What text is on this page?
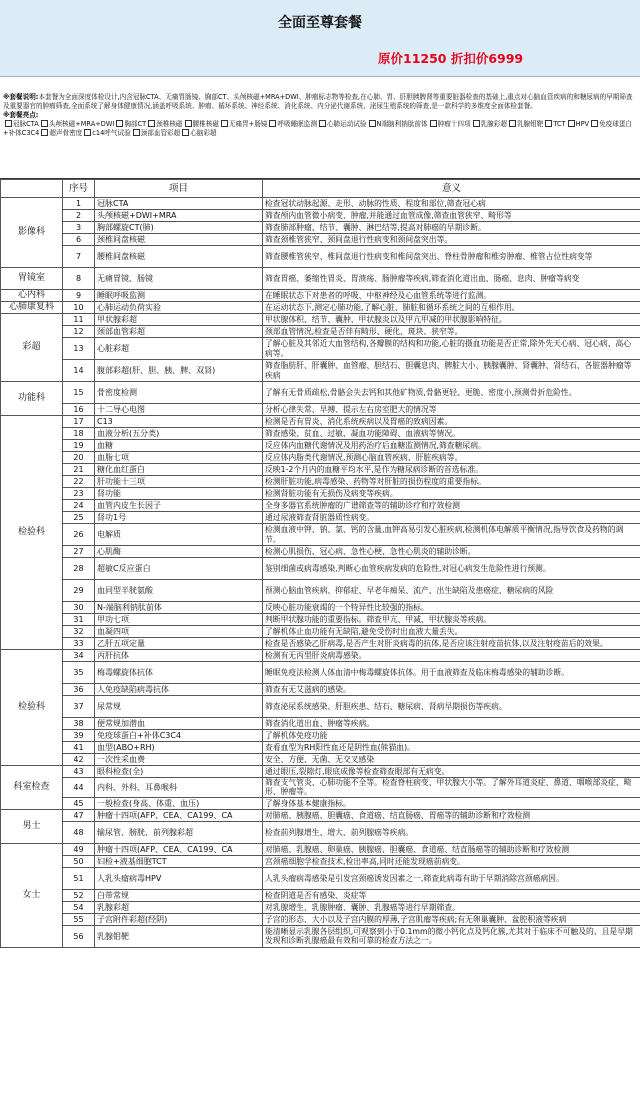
全面至尊套餐
原价11250 折扣价6999
※套餐说明:本套餐为全面深度体检设计,内含冠脉CTA、无痛胃肠镜、胸部CT、头颅核磁+MRA+DWI、肿瘤标志物等检查,在心肺、胃、肝胆胰脾肾等重要脏器检查的基础上,重点对心脑血管疾病的和糖尿病的早期筛查及重要器官的肿瘤筛查,全面系统了解身体健康情况,涵盖呼吸系统、肿瘤、循环系统、神经系统、消化系统、内分泌代谢系统、泌尿生殖系统的筛查,是一款科学的多维度全面体检套餐。
※套餐亮点:
冠脉CTA 头颅核磁+MRA+DWI 胸部CT 颈椎核磁 腰椎核磁 无痛胃+肠镜 呼吸睡眠监测 心肺运动试验 N端脑利钠肽前体 肿瘤十四项 乳腺彩超 乳腺钼靶 TCT HPV 免疫球蛋白+补体C3C4 超声骨密度 c14呼气试验 颈部血管彩超 心脑彩超
	序号	项目	意义
影像科	1	冠脉CTA	检查冠状动脉起源、走形、动脉的性质、程度和部位,筛查冠心病
	2	头颅核磁+DWI+MRA	筛查颅内血管微小病变、肿瘤,并能通过血管成像,筛查血管狭窄、畸形等
	3	胸部螺旋CT(肺)	筛查肺部肿瘤、结节、囊肿、淋巴结等,提高对肺癌的早期诊断。
	6	颈椎间盘核磁	筛查颈椎管狭窄、颈间盘退行性病变和颈间盘突出等。
	7	腰椎间盘核磁	筛查腰椎管狭窄、椎间盘退行性病变和椎间盘突出、脊柱骨肿瘤和椎旁肿瘤、椎管占位性病变等
胃镜室	8	无痛胃镜、肠镜	筛查胃癌、萎缩性胃炎、胃溃疡、肠肿瘤等疾病,筛查消化道出血、肠癌、息肉、肿瘤等病变
心内科	9	睡眠呼吸监测	在睡眠状态下对患者的呼吸、中枢神经及心血管系统等进行监测。
心肺康复科	10	心肺运动负荷实验	在运动状态下,测定心肺功能,了解心脏、肺脏和循环系统之间的互相作用。
彩超	11	甲状腺彩超	甲状腺体积、结节、囊肿、甲状腺炎以及甲亢甲减的甲状腺影响特征。
	12	颈部血管彩超	颈部血管情况,检查是否伴有畸形、硬化、斑块、狭窄等。
	13	心脏彩超	了解心脏及其邻近大血管结构,各瓣膜的结构和功能,心脏的摄血功能是否正常,除外先天心病、冠心病、高心病等。
	14	腹部彩超(肝、胆、胰、脾、双肾)	筛查脂肪肝、肝囊肿、血管瘤、胆结石、胆囊息肉、脾脏大小、胰腺囊肿、肾囊肿、肾结石、各脏器肿瘤等疾病
功能科	15	骨密度检测	了解有无骨质疏松,骨骼会失去钙和其他矿物质,骨骼更轻、更脆、密度小,预测骨折危险性。
	16	十二导心电图	分析心律失常、早搏、提示左右房室肥大的情况等
检验科	17	C13	检测是否有胃炎、消化系统疾病以及胃癌的致病因素。
	18	血液分析(五分类)	筛查感染、贫血、过敏、凝血功能障碍、血液病等情况。
	19	血糖	反应体内血糖代谢情况及用药治疗后血糖监测情况,筛查糖尿病。
	20	血脂七项	反应体内脂类代谢情况,预测心脑血管疾病、肝脏疾病等。
	21	糖化血红蛋白	反映1-2个月内的血糖平均水平,是作为糖尿病诊断的首选标准。
	22	肝功能十三项	检测肝脏功能,病毒感染、药物等对肝脏的损伤程度的重要指标。
	23	肾功能	检测肾脏功能有无损伤及病变等疾病。
	24	血管内皮生长因子	全身多器官系统肿瘤的广谱筛查等的辅助诊疗和疗效检测
	25	肾功1号	通过尿液筛查肾脏器质性病变。
	26	电解质	检测血液中钾、钠、氯、钙的含量,血钾高易引发心脏疾病,检测机体电解质平衡情况,指导饮食及药物的调节。
	27	心肌酶	检测心肌损伤、冠心病、急性心梗、急性心肌炎的辅助诊断。
	28	超敏C反应蛋白	鉴别细菌或病毒感染,判断心血管疾病发病的危险性,对冠心病发生危险性进行预测。
	29	血同型半胱氨酸	预测心脑血管疾病、抑郁症、早老年痴呆、流产、出生缺陷及患癌症、糖尿病的风险
	30	N-端脑利钠肽前体	反映心脏功能衰竭的一个特异性比较强的指标。
	31	甲功七项	判断甲状腺功能的重要指标。筛查甲亢、甲减、甲状腺炎等疾病。
	32	血凝四项	了解机体止血功能有无缺陷,避免受伤时出血液大量丢失。
	33	乙肝五项定量	检查是否感染乙肝病毒,是否产生对肝炎病毒的抗体,是否应该注射疫苗抗体,以及注射疫苗后的效果。
检验科	34	丙肝抗体	检测有无丙型肝炎病毒感染。
	35	梅毒螺旋体抗体	睡眠免疫法检测人体血清中梅毒螺旋体抗体。用于血液筛查及临床梅毒感染的辅助诊断。
	36	人免疫缺陷病毒抗体	筛查有无艾滋病的感染。
	37	尿常规	筛查泌尿系统感染、肝胆疾患、结石、糖尿病、肾病早期损伤等疾病。
	38	便常规加潜血	筛查消化道出血、肿瘤等疾病。
	39	免疫球蛋白+补体C3C4	了解机体免疫功能
	41	血型(ABO+RH)	查看血型为RH阳性血还是阴性血(熊猫血)。
	42	一次性采血费	安全、方便、无菌、无交叉感染
科室检查	43	眼科检查(全)	通过眼压,裂隙灯,眼底成像等检查筛查眼部有无病变。
	44	内科、外科、耳鼻喉科	筛查支气管炎、心肺功能不全等。检查脊柱病变、甲状腺大小等。了解外耳道炎症、鼻道、咽喉部炎症、畸形、肿瘤等。
	45	一般检查(身高、体重、血压)	了解身体基本健康指标。
男士	47	肿瘤十四项(AFP、CEA、CA199、CA	对肺癌、胰腺癌、胆囊癌、食道癌、结直肠癌、胃癌等的辅助诊断和疗效检测
	48	输尿管、膀胱、前列腺彩超	检查前列腺增生、增大、前列腺癌等疾病。
女士	49	肿瘤十四项(AFP、CEA、CA199、CA	对肺癌、乳腺癌、卵巢癌、胰腺癌、胆囊癌、食道癌、结直肠癌等的辅助诊断和疗效检测
	50	妇检+液基细胞TCT	宫颈癌细胞学检查技术,检出率高,同时还能发现癌前病变。
	51	人乳头瘤病毒HPV	人乳头瘤病毒感染是引发宫颈癌诱发因素之一,筛查此病毒有助于早期消除宫颈癌病因。
	52	白带常规	检查阴道是否有感染、炎症等
	54	乳腺彩超	对乳腺增生、乳腺肿瘤、囊肿、乳腺癌等进行早期筛查。
	55	子宫附件彩超(经阴)	子宫的形态、大小以及子宫内膜的厚薄,子宫肌瘤等疾病;有无卵巢囊肿、盆腔积液等疾病
	56	乳腺钼靶	能清晰显示乳腺各层组织,可观察到小于0.1mm的微小钙化点及钙化簇,尤其对于临床不可触及的、且是早期发现和诊断乳腺癌最有效和可靠的检查方法之一。
